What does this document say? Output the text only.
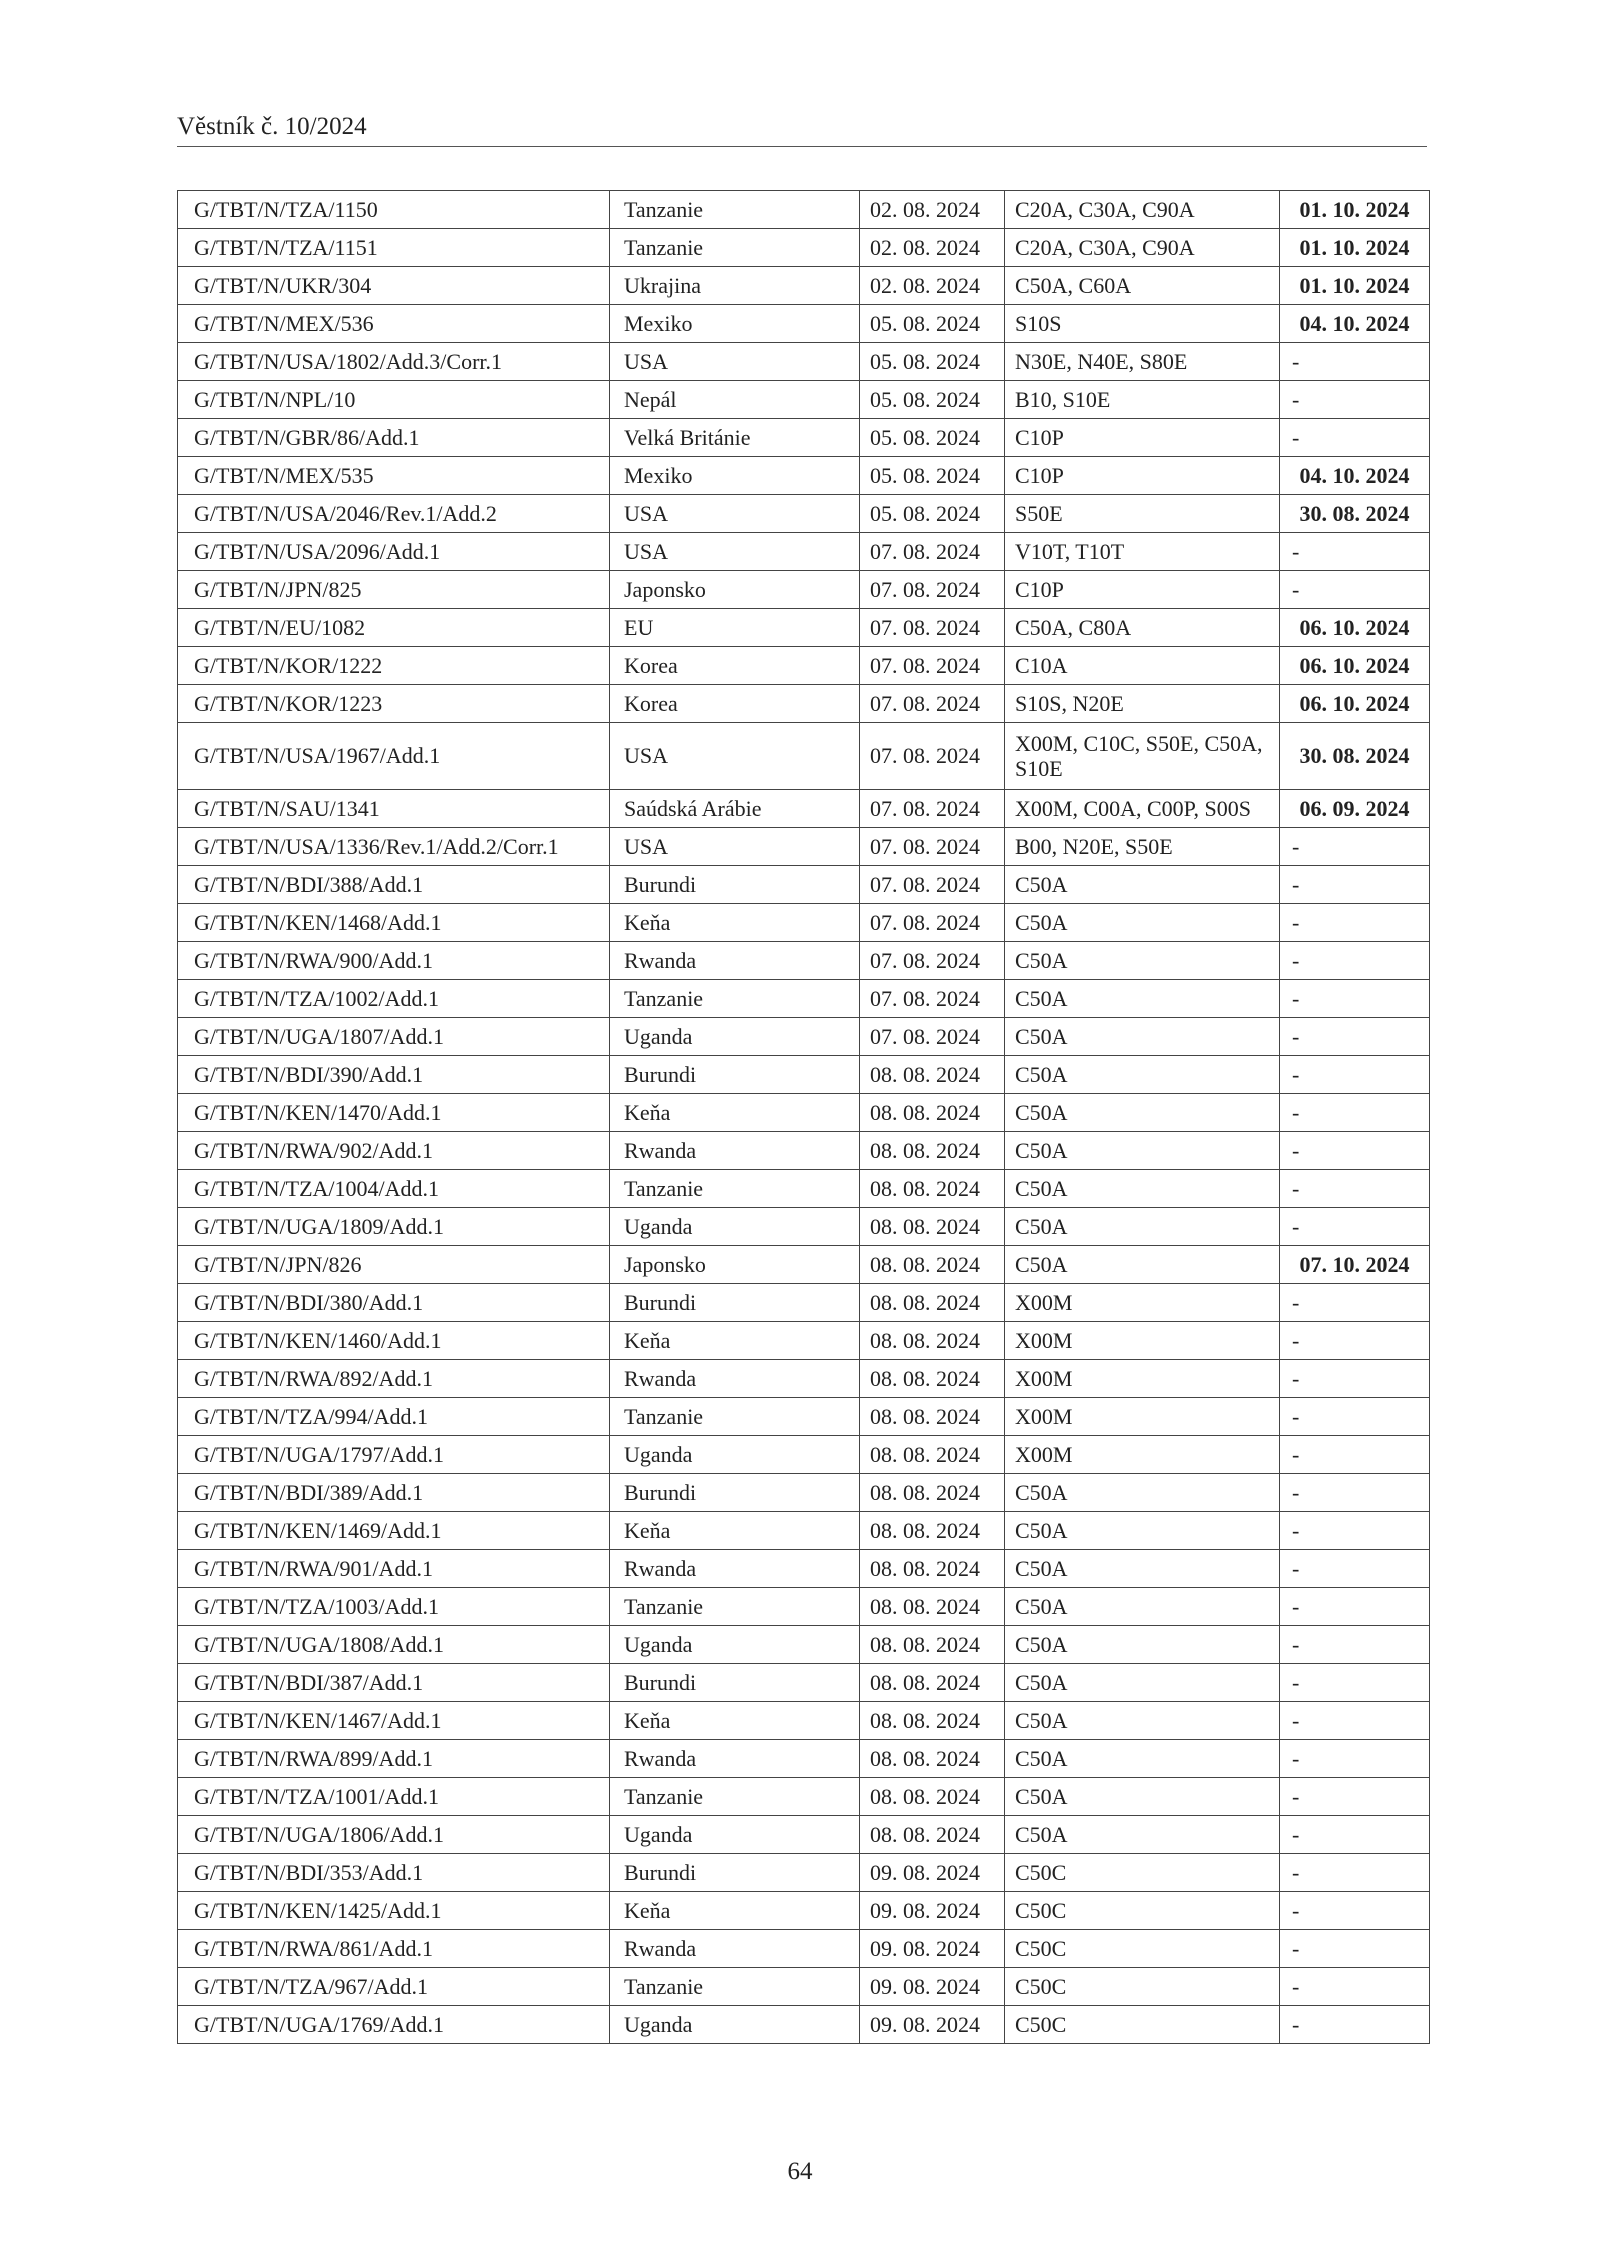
Věstník č. 10/2024
G/TBT/N/TZA/1150	Tanzanie	02. 08. 2024	C20A, C30A, C90A	01. 10. 2024
G/TBT/N/TZA/1151	Tanzanie	02. 08. 2024	C20A, C30A, C90A	01. 10. 2024
G/TBT/N/UKR/304	Ukrajina	02. 08. 2024	C50A, C60A	01. 10. 2024
G/TBT/N/MEX/536	Mexiko	05. 08. 2024	S10S	04. 10. 2024
G/TBT/N/USA/1802/Add.3/Corr.1	USA	05. 08. 2024	N30E, N40E, S80E	-
G/TBT/N/NPL/10	Nepál	05. 08. 2024	B10, S10E	-
G/TBT/N/GBR/86/Add.1	Velká Británie	05. 08. 2024	C10P	-
G/TBT/N/MEX/535	Mexiko	05. 08. 2024	C10P	04. 10. 2024
G/TBT/N/USA/2046/Rev.1/Add.2	USA	05. 08. 2024	S50E	30. 08. 2024
G/TBT/N/USA/2096/Add.1	USA	07. 08. 2024	V10T, T10T	-
G/TBT/N/JPN/825	Japonsko	07. 08. 2024	C10P	-
G/TBT/N/EU/1082	EU	07. 08. 2024	C50A, C80A	06. 10. 2024
G/TBT/N/KOR/1222	Korea	07. 08. 2024	C10A	06. 10. 2024
G/TBT/N/KOR/1223	Korea	07. 08. 2024	S10S, N20E	06. 10. 2024
G/TBT/N/USA/1967/Add.1	USA	07. 08. 2024	X00M, C10C, S50E, C50A, S10E	30. 08. 2024
G/TBT/N/SAU/1341	Saúdská Arábie	07. 08. 2024	X00M, C00A, C00P, S00S	06. 09. 2024
G/TBT/N/USA/1336/Rev.1/Add.2/Corr.1	USA	07. 08. 2024	B00, N20E, S50E	-
G/TBT/N/BDI/388/Add.1	Burundi	07. 08. 2024	C50A	-
G/TBT/N/KEN/1468/Add.1	Keňa	07. 08. 2024	C50A	-
G/TBT/N/RWA/900/Add.1	Rwanda	07. 08. 2024	C50A	-
G/TBT/N/TZA/1002/Add.1	Tanzanie	07. 08. 2024	C50A	-
G/TBT/N/UGA/1807/Add.1	Uganda	07. 08. 2024	C50A	-
G/TBT/N/BDI/390/Add.1	Burundi	08. 08. 2024	C50A	-
G/TBT/N/KEN/1470/Add.1	Keňa	08. 08. 2024	C50A	-
G/TBT/N/RWA/902/Add.1	Rwanda	08. 08. 2024	C50A	-
G/TBT/N/TZA/1004/Add.1	Tanzanie	08. 08. 2024	C50A	-
G/TBT/N/UGA/1809/Add.1	Uganda	08. 08. 2024	C50A	-
G/TBT/N/JPN/826	Japonsko	08. 08. 2024	C50A	07. 10. 2024
G/TBT/N/BDI/380/Add.1	Burundi	08. 08. 2024	X00M	-
G/TBT/N/KEN/1460/Add.1	Keňa	08. 08. 2024	X00M	-
G/TBT/N/RWA/892/Add.1	Rwanda	08. 08. 2024	X00M	-
G/TBT/N/TZA/994/Add.1	Tanzanie	08. 08. 2024	X00M	-
G/TBT/N/UGA/1797/Add.1	Uganda	08. 08. 2024	X00M	-
G/TBT/N/BDI/389/Add.1	Burundi	08. 08. 2024	C50A	-
G/TBT/N/KEN/1469/Add.1	Keňa	08. 08. 2024	C50A	-
G/TBT/N/RWA/901/Add.1	Rwanda	08. 08. 2024	C50A	-
G/TBT/N/TZA/1003/Add.1	Tanzanie	08. 08. 2024	C50A	-
G/TBT/N/UGA/1808/Add.1	Uganda	08. 08. 2024	C50A	-
G/TBT/N/BDI/387/Add.1	Burundi	08. 08. 2024	C50A	-
G/TBT/N/KEN/1467/Add.1	Keňa	08. 08. 2024	C50A	-
G/TBT/N/RWA/899/Add.1	Rwanda	08. 08. 2024	C50A	-
G/TBT/N/TZA/1001/Add.1	Tanzanie	08. 08. 2024	C50A	-
G/TBT/N/UGA/1806/Add.1	Uganda	08. 08. 2024	C50A	-
G/TBT/N/BDI/353/Add.1	Burundi	09. 08. 2024	C50C	-
G/TBT/N/KEN/1425/Add.1	Keňa	09. 08. 2024	C50C	-
G/TBT/N/RWA/861/Add.1	Rwanda	09. 08. 2024	C50C	-
G/TBT/N/TZA/967/Add.1	Tanzanie	09. 08. 2024	C50C	-
G/TBT/N/UGA/1769/Add.1	Uganda	09. 08. 2024	C50C	-
64
